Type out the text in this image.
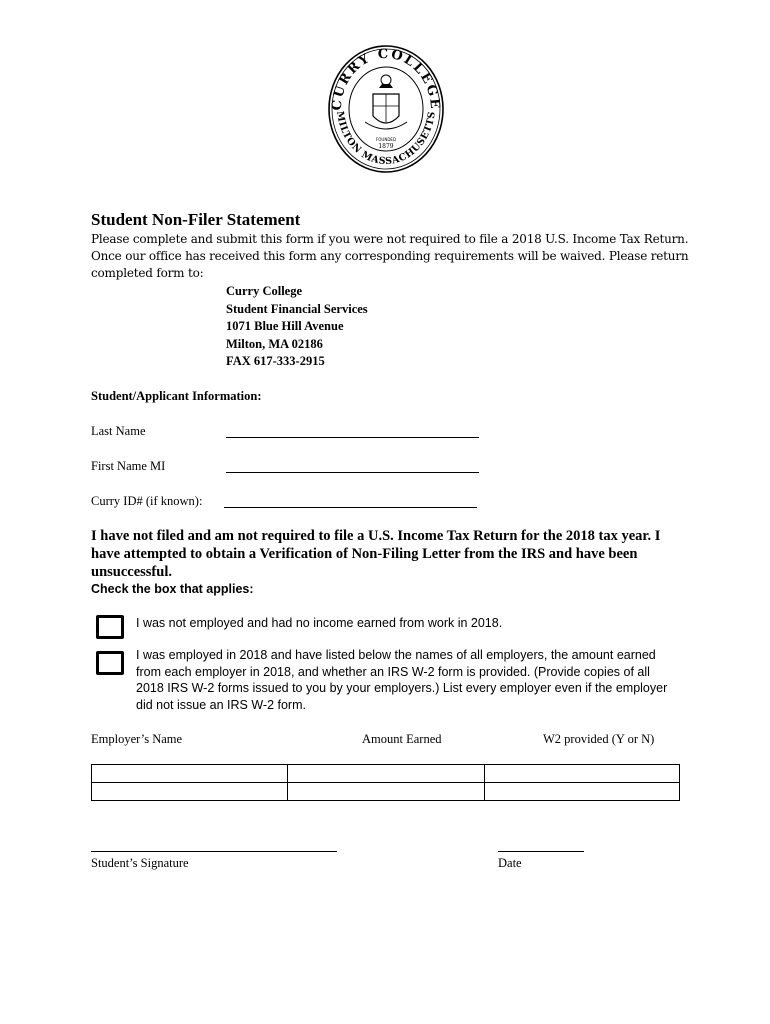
CURRY COLLEGE
MILTON MASSACHUSETTS
FOUNDED
1879
Student Non-Filer Statement
Please complete and submit this form if you were not required to file a 2018 U.S. Income Tax Return. Once our office has received this form any corresponding requirements will be waived. Please return completed form to:
Curry College
Student Financial Services
1071 Blue Hill Avenue
Milton, MA 02186
FAX 617-333-2915
Student/Applicant Information:
Last Name
First Name MI
Curry ID# (if known):
I have not filed and am not required to file a U.S. Income Tax Return for the 2018 tax year. I have attempted to obtain a Verification of Non-Filing Letter from the IRS and have been unsuccessful.
Check the box that applies:
I was not employed and had no income earned from work in 2018.
I was employed in 2018 and have listed below the names of all employers, the amount earned from each employer in 2018, and whether an IRS W-2 form is provided. (Provide copies of all 2018 IRS W-2 forms issued to you by your employers.) List every employer even if the employer did not issue an IRS W-2 form.
Employer’s Name	Amount Earned	W2 provided (Y or N)

Student’s Signature	Date
